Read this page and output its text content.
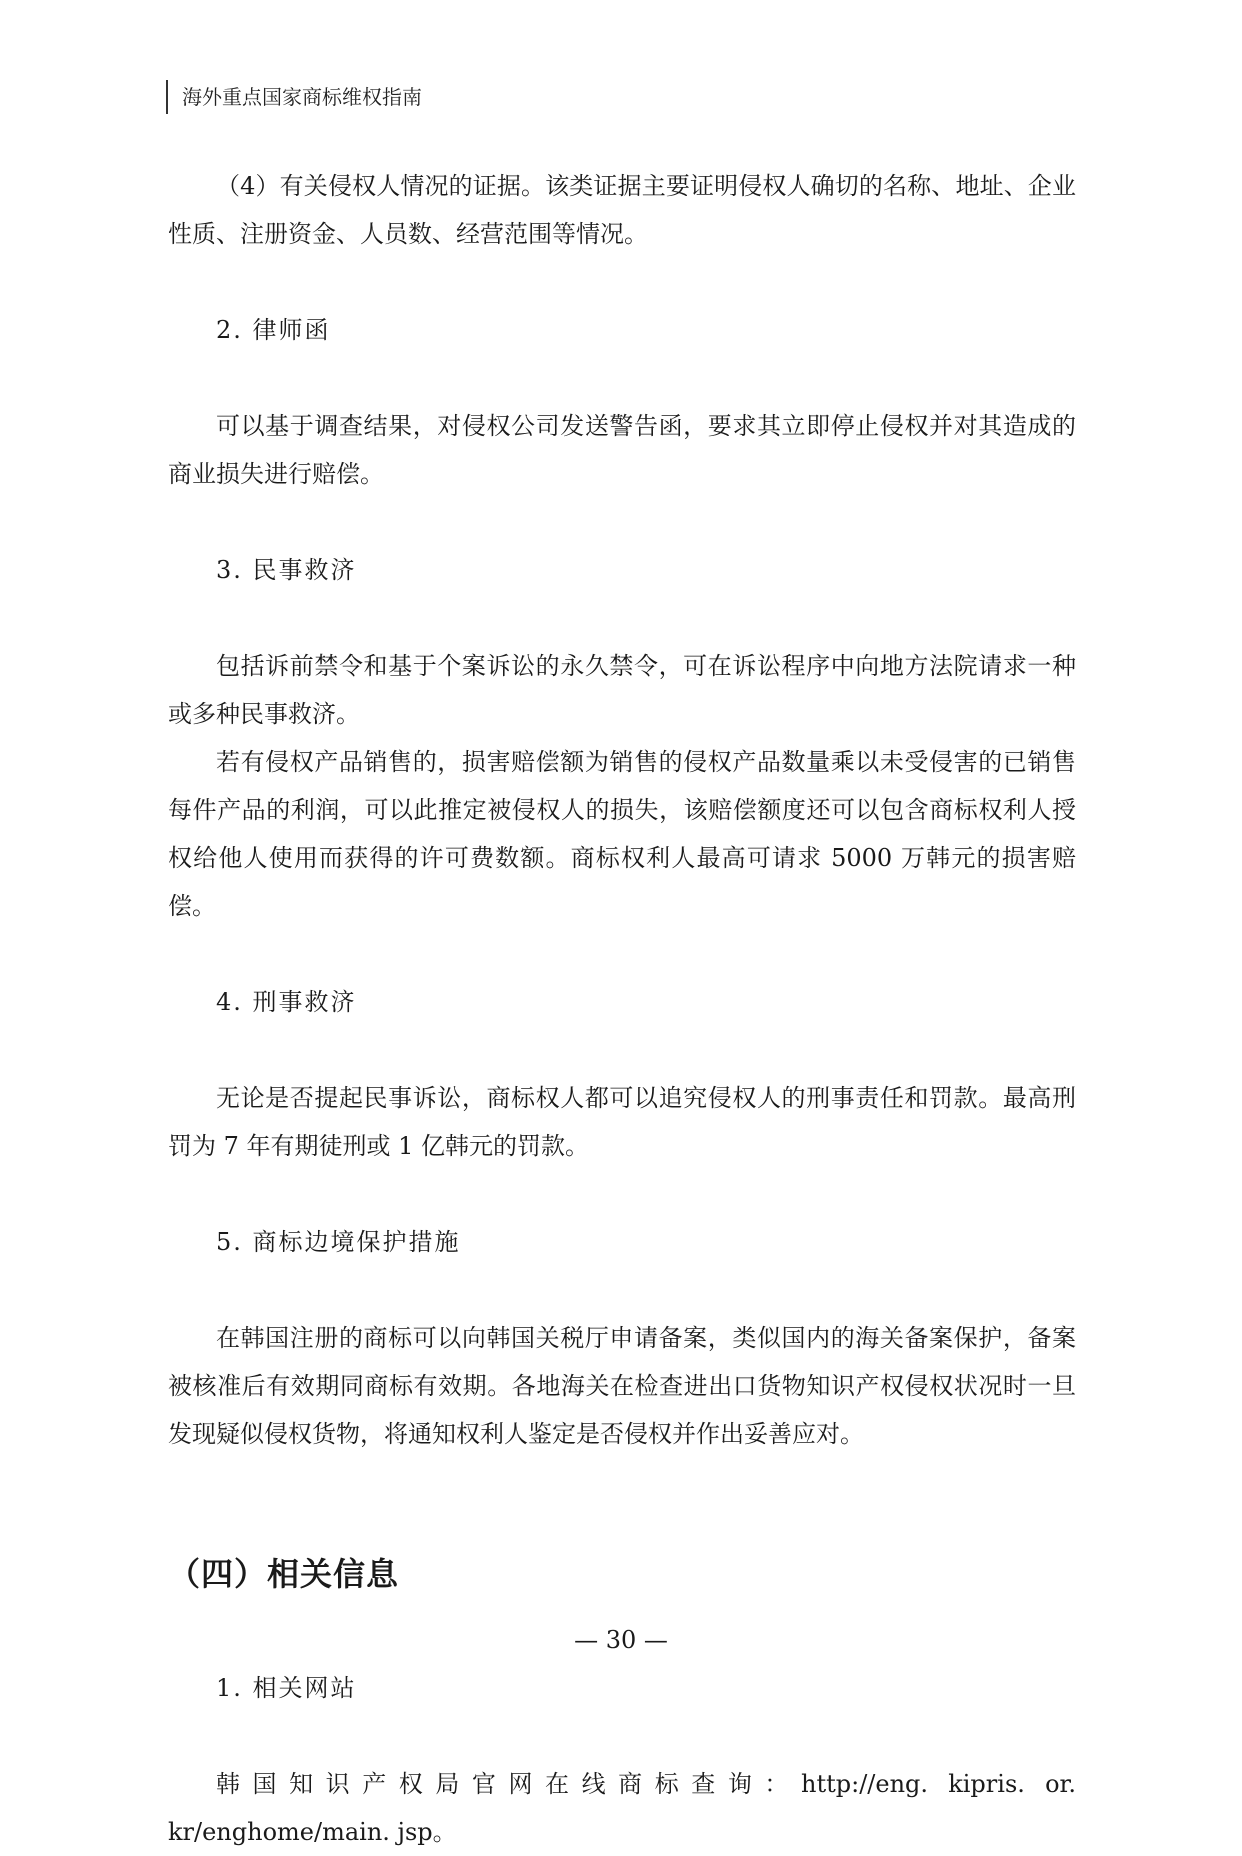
海外重点国家商标维权指南

（4）有关侵权人情况的证据。该类证据主要证明侵权人确切的名称、地址、企业性质、注册资金、人员数、经营范围等情况。

2. 律师函

可以基于调查结果，对侵权公司发送警告函，要求其立即停止侵权并对其造成的商业损失进行赔偿。

3. 民事救济

包括诉前禁令和基于个案诉讼的永久禁令，可在诉讼程序中向地方法院请求一种或多种民事救济。

若有侵权产品销售的，损害赔偿额为销售的侵权产品数量乘以未受侵害的已销售每件产品的利润，可以此推定被侵权人的损失，该赔偿额度还可以包含商标权利人授权给他人使用而获得的许可费数额。商标权利人最高可请求 5000 万韩元的损害赔偿。

4. 刑事救济

无论是否提起民事诉讼，商标权人都可以追究侵权人的刑事责任和罚款。最高刑罚为 7 年有期徒刑或 1 亿韩元的罚款。

5. 商标边境保护措施

在韩国注册的商标可以向韩国关税厅申请备案，类似国内的海关备案保护，备案被核准后有效期同商标有效期。各地海关在检查进出口货物知识产权侵权状况时一旦发现疑似侵权货物，将通知权利人鉴定是否侵权并作出妥善应对。

（四）相关信息

1. 相关网站

韩国知识产权局官网在线商标查询：http://eng. kipris. or. kr/enghome/main. jsp。

— 30 —
